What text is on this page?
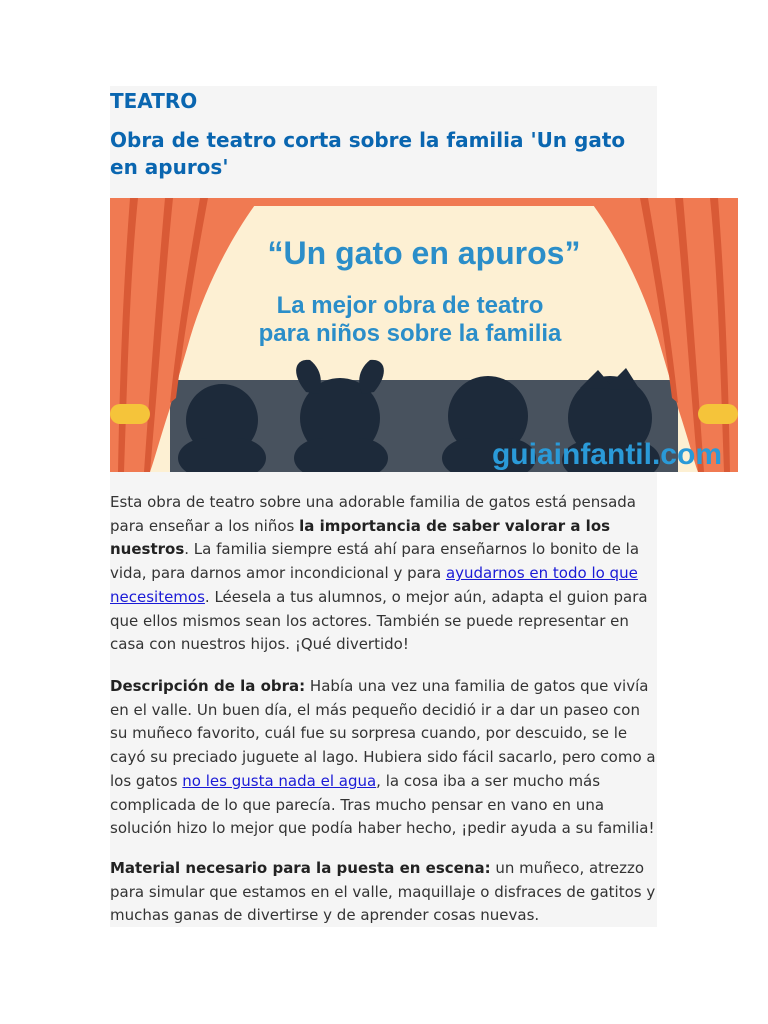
TEATRO
Obra de teatro corta sobre la familia 'Un gato en apuros'
“Un gato en apuros”
La mejor obra de teatro
para niños sobre la familia
guiainfantil.com
Esta obra de teatro sobre una adorable familia de gatos está pensada para enseñar a los niños la importancia de saber valorar a los nuestros. La familia siempre está ahí para enseñarnos lo bonito de la vida, para darnos amor incondicional y para ayudarnos en todo lo que necesitemos. Léesela a tus alumnos, o mejor aún, adapta el guion para que ellos mismos sean los actores. También se puede representar en casa con nuestros hijos. ¡Qué divertido!
Descripción de la obra: Había una vez una familia de gatos que vivía en el valle. Un buen día, el más pequeño decidió ir a dar un paseo con su muñeco favorito, cuál fue su sorpresa cuando, por descuido, se le cayó su preciado juguete al lago. Hubiera sido fácil sacarlo, pero como a los gatos no les gusta nada el agua, la cosa iba a ser mucho más complicada de lo que parecía. Tras mucho pensar en vano en una solución hizo lo mejor que podía haber hecho, ¡pedir ayuda a su familia!
Material necesario para la puesta en escena: un muñeco, atrezzo para simular que estamos en el valle, maquillaje o disfraces de gatitos y muchas ganas de divertirse y de aprender cosas nuevas.
